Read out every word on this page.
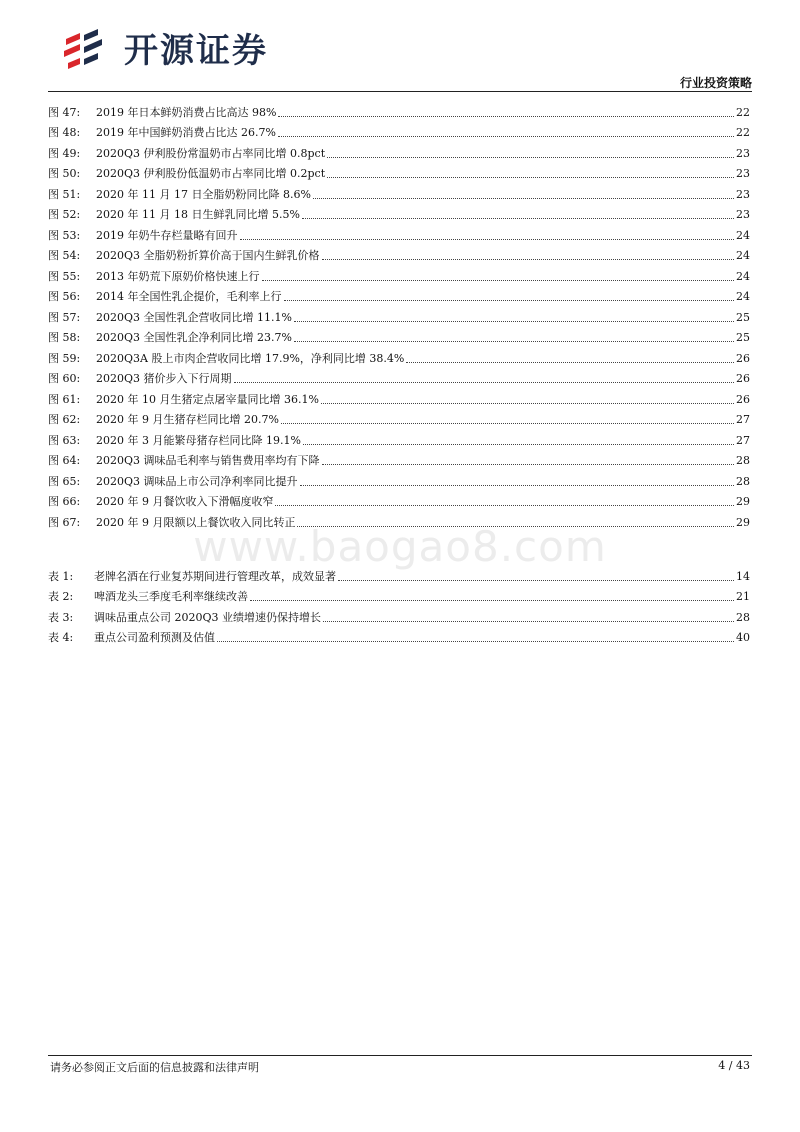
开源证券
行业投资策略
www.baogao8.com
图 47:	2019 年日本鲜奶消费占比高达 98%	22
图 48:	2019 年中国鲜奶消费占比达 26.7%	22
图 49:	2020Q3 伊利股份常温奶市占率同比增 0.8pct	23
图 50:	2020Q3 伊利股份低温奶市占率同比增 0.2pct	23
图 51:	2020 年 11 月 17 日全脂奶粉同比降 8.6%	23
图 52:	2020 年 11 月 18 日生鲜乳同比增 5.5%	23
图 53:	2019 年奶牛存栏量略有回升	24
图 54:	2020Q3 全脂奶粉折算价高于国内生鲜乳价格	24
图 55:	2013 年奶荒下原奶价格快速上行	24
图 56:	2014 年全国性乳企提价，毛利率上行	24
图 57:	2020Q3 全国性乳企营收同比增 11.1%	25
图 58:	2020Q3 全国性乳企净利同比增 23.7%	25
图 59:	2020Q3A 股上市肉企营收同比增 17.9%，净利同比增 38.4%	26
图 60:	2020Q3 猪价步入下行周期	26
图 61:	2020 年 10 月生猪定点屠宰量同比增 36.1%	26
图 62:	2020 年 9 月生猪存栏同比增 20.7%	27
图 63:	2020 年 3 月能繁母猪存栏同比降 19.1%	27
图 64:	2020Q3 调味品毛利率与销售费用率均有下降	28
图 65:	2020Q3 调味品上市公司净利率同比提升	28
图 66:	2020 年 9 月餐饮收入下滑幅度收窄	29
图 67:	2020 年 9 月限额以上餐饮收入同比转正	29
表 1:	老牌名酒在行业复苏期间进行管理改革，成效显著	14
表 2:	啤酒龙头三季度毛利率继续改善	21
表 3:	调味品重点公司 2020Q3 业绩增速仍保持增长	28
表 4:	重点公司盈利预测及估值	40
请务必参阅正文后面的信息披露和法律声明	4 / 43
